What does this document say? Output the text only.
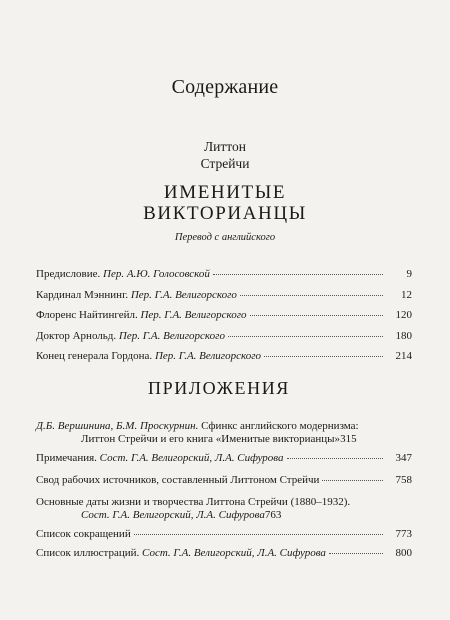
Содержание
Литтон
Стрейчи
ИМЕНИТЫЕ
ВИКТОРИАНЦЫ
Перевод с английского
Предисловие. Пер. А.Ю. Голосовской	9
Кардинал Мэннинг. Пер. Г.А. Велигорского	12
Флоренс Найтингейл. Пер. Г.А. Велигорского	120
Доктор Арнольд. Пер. Г.А. Велигорского	180
Конец генерала Гордона. Пер. Г.А. Велигорского	214
ПРИЛОЖЕНИЯ
Д.Б. Вершинина, Б.М. Проскурнин. Сфинкс английского модернизма:
Литтон Стрейчи и его книга «Именитые викторианцы» 315
Примечания. Сост. Г.А. Велигорский, Л.А. Сифурова	347
Свод рабочих источников, составленный Литтоном Стрейчи	758
Основные даты жизни и творчества Литтона Стрейчи (1880–1932).
Сост. Г.А. Велигорский, Л.А. Сифурова 763
Список сокращений	773
Список иллюстраций. Сост. Г.А. Велигорский, Л.А. Сифурова	800
